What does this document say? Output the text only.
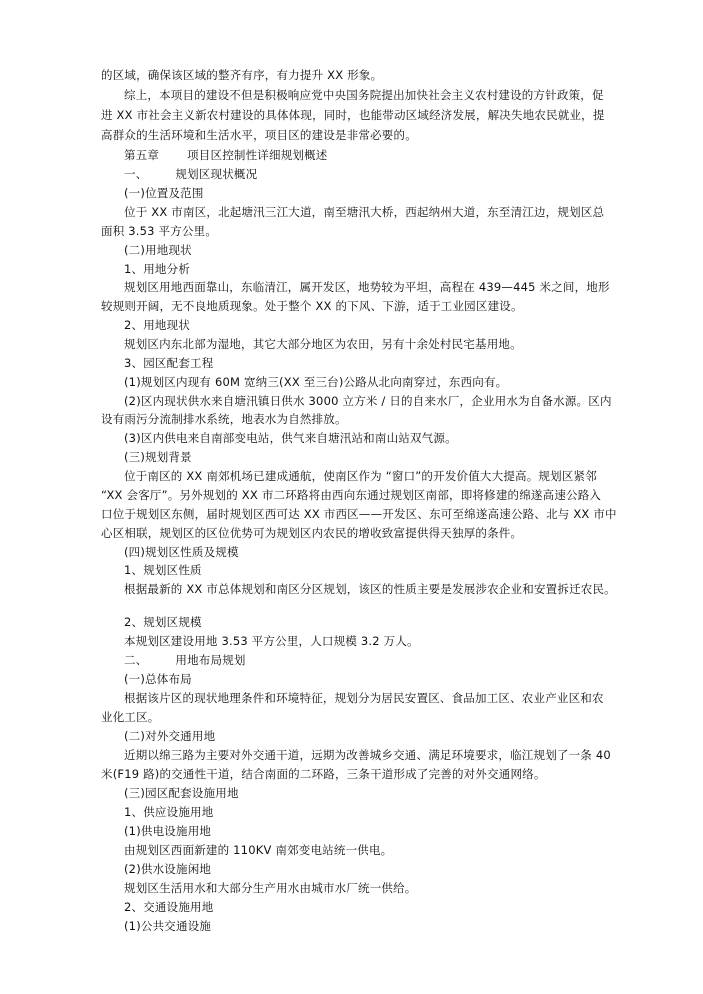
的区域，确保该区域的整齐有序，有力提升 XX 形象。
综上，本项目的建设不但是积极响应党中央国务院提出加快社会主义农村建设的方针政策，促
进 XX 市社会主义新农村建设的具体体现，同时，也能带动区域经济发展，解决失地农民就业，提
高群众的生活环境和生活水平，项目区的建设是非常必要的。
第五章 项目区控制性详细规划概述
一、 规划区现状概况
(一)位置及范围
位于 XX 市南区，北起塘汛三江大道，南至塘汛大桥，西起纳州大道，东至清江边，规划区总
面积 3.53 平方公里。
(二)用地现状
1、用地分析
规划区用地西面靠山，东临清江，属开发区，地势较为平坦，高程在 439—445 米之间，地形
较规则开阔，无不良地质现象。处于整个 XX 的下风、下游，适于工业园区建设。
2、用地现状
规划区内东北部为湿地，其它大部分地区为农田，另有十余处村民宅基用地。
3、园区配套工程
(1)规划区内现有 60M 宽纳三(XX 至三台)公路从北向南穿过，东西向有。
(2)区内现状供水来自塘汛镇日供水 3000 立方米 / 日的自来水厂，企业用水为自备水源。区内
设有雨污分流制排水系统，地表水为自然排放。
(3)区内供电来自南部变电站，供气来自塘汛站和南山站双气源。
(三)规划背景
位于南区的 XX 南郊机场已建成通航，使南区作为 “窗口”的开发价值大大提高。规划区紧邻
“XX 会客厅”。另外规划的 XX 市二环路将由西向东通过规划区南部，即将修建的绵遂高速公路入
口位于规划区东侧，届时规划区西可达 XX 市西区——开发区、东可至绵遂高速公路、北与 XX 市中
心区相联，规划区的区位优势可为规划区内农民的增收致富提供得天独厚的条件。
(四)规划区性质及规模
1、规划区性质
根据最新的 XX 市总体规划和南区分区规划，该区的性质主要是发展涉农企业和安置拆迁农民。
2、规划区规模
本规划区建设用地 3.53 平方公里，人口规模 3.2 万人。
二、 用地布局规划
(一)总体布局
根据该片区的现状地理条件和环境特征，规划分为居民安置区、食品加工区、农业产业区和农
业化工区。
(二)对外交通用地
近期以绵三路为主要对外交通干道，远期为改善城乡交通、满足环境要求，临江规划了一条 40
米(F19 路)的交通性干道，结合南面的二环路，三条干道形成了完善的对外交通网络。
(三)园区配套设施用地
1、供应设施用地
(1)供电设施用地
由规划区西面新建的 110KV 南郊变电站统一供电。
(2)供水设施闲地
规划区生活用水和大部分生产用水由城市水厂统一供给。
2、交通设施用地
(1)公共交通设施
